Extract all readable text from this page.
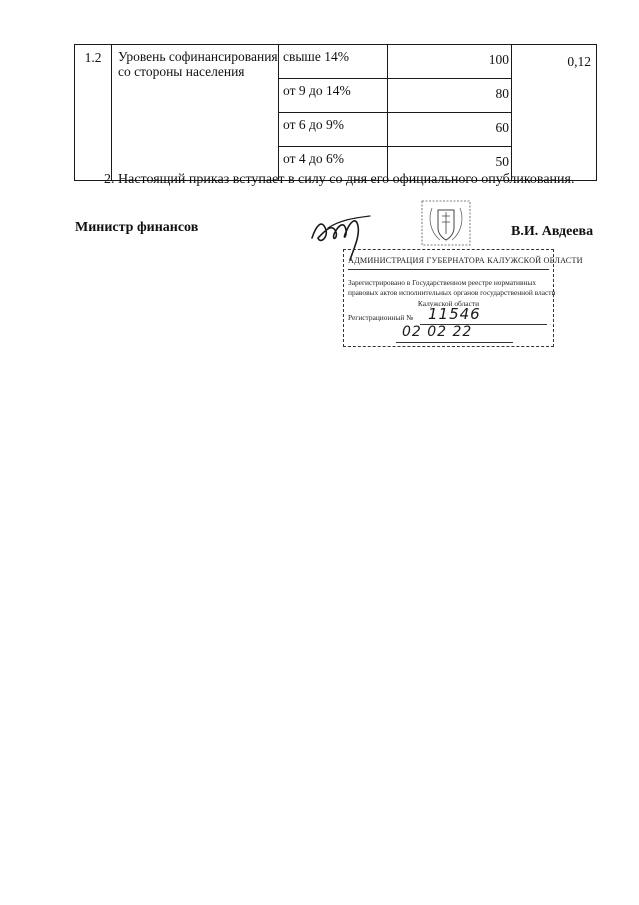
1.2	Уровень софинансирования со стороны населения	свыше 14%	100	0,12
		от 9 до 14%	80	
		от 6 до 9%	60	
		от 4 до 6%	50	
2. Настоящий приказ вступает в силу со дня его официального опубликования.
Министр финансов	В.И. Авдеева
АДМИНИСТРАЦИЯ ГУБЕРНАТОРА КАЛУЖСКОЙ ОБЛАСТИ
Зарегистрировано в Государственном реестре нормативных
правовых актов исполнительных органов государственной власти
Калужской области
Регистрационный № 11546
02 02 22
